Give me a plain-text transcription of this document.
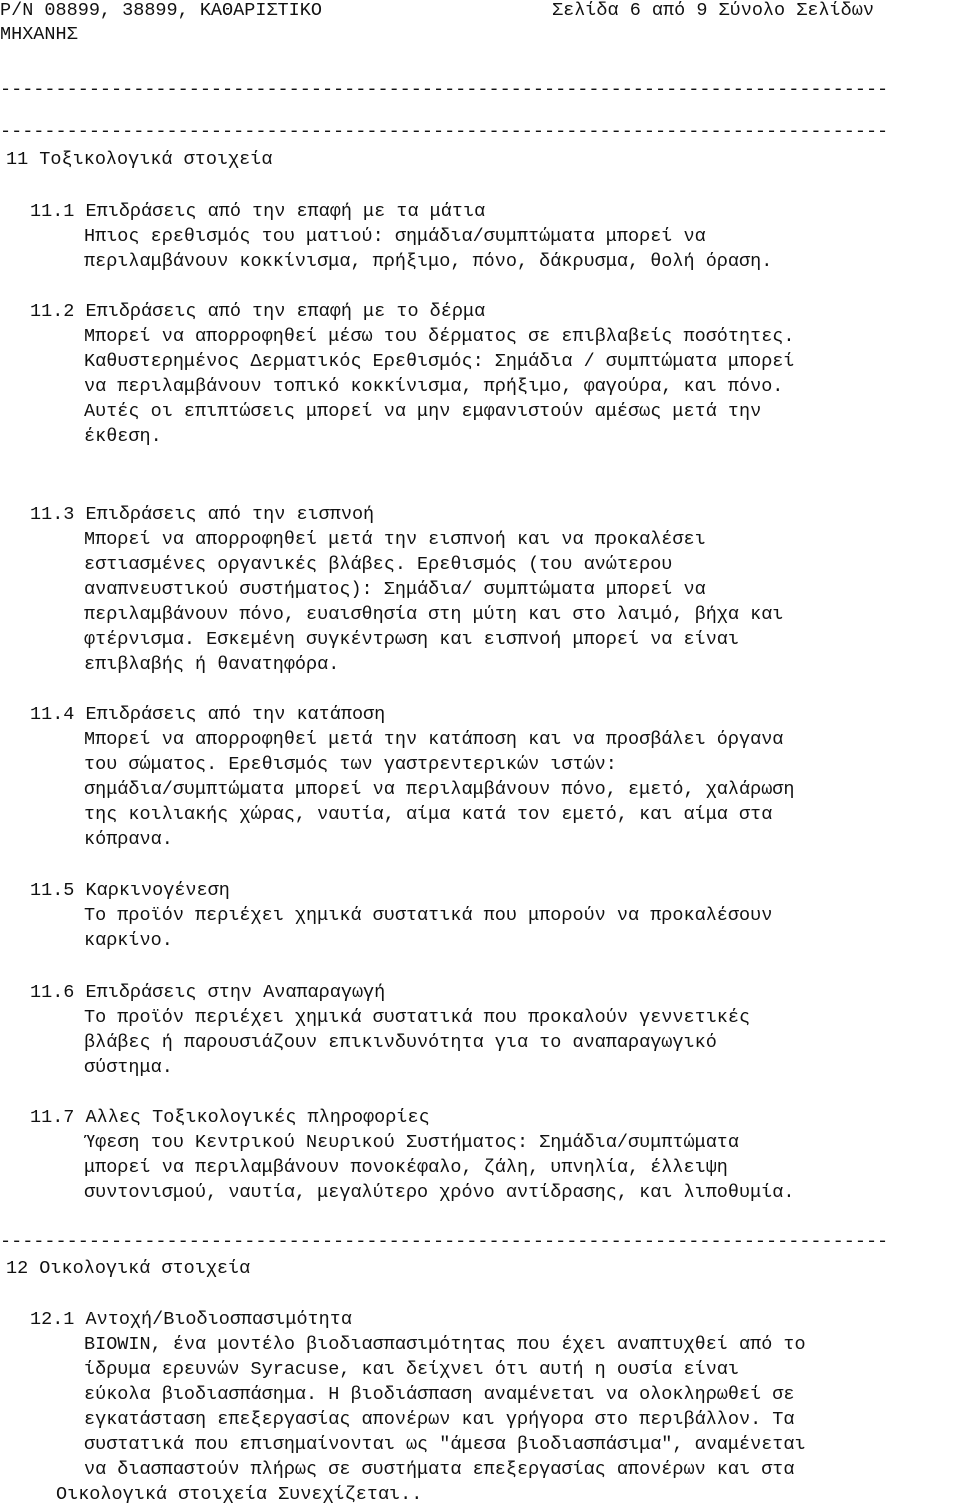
P/N 08899, 38899, ΚΑΘΑΡΙΣΤΙΚΟ	Σελίδα 6 από 9 Σύνολο Σελίδων
ΜΗΧΑΝΗΣ
--------------------------------------------------------------------------------
--------------------------------------------------------------------------------
11 Τοξικολογικά στοιχεία
11.1 Επιδράσεις από την επαφή με τα μάτια
Ηπιος ερεθισμός του ματιού: σημάδια/συμπτώματα μπορεί να
περιλαμβάνουν κοκκίνισμα, πρήξιμο, πόνο, δάκρυσμα, θολή όραση.
11.2 Επιδράσεις από την επαφή με το δέρμα
Μπορεί να απορροφηθεί μέσω του δέρματος σε επιβλαβείς ποσότητες.
Καθυστερημένος Δερματικός Ερεθισμός: Σημάδια / συμπτώματα μπορεί
να περιλαμβάνουν τοπικό κοκκίνισμα, πρήξιμο, φαγούρα, και πόνο.
Αυτές οι επιπτώσεις μπορεί να μην εμφανιστούν αμέσως μετά την
έκθεση.
11.3 Επιδράσεις από την εισπνοή
Μπορεί να απορροφηθεί μετά την εισπνοή και να προκαλέσει
εστιασμένες οργανικές βλάβες. Ερεθισμός (του ανώτερου
αναπνευστικού συστήματος): Σημάδια/ συμπτώματα μπορεί να
περιλαμβάνουν πόνο, ευαισθησία στη μύτη και στο λαιμό, βήχα και
φτέρνισμα. Εσκεμένη συγκέντρωση και εισπνοή μπορεί να είναι
επιβλαβής ή θανατηφόρα.
11.4 Επιδράσεις από την κατάποση
Μπορεί να απορροφηθεί μετά την κατάποση και να προσβάλει όργανα
του σώματος. Ερεθισμός των γαστρεντερικών ιστών:
σημάδια/συμπτώματα μπορεί να περιλαμβάνουν πόνο, εμετό, χαλάρωση
της κοιλιακής χώρας, ναυτία, αίμα κατά τον εμετό, και αίμα στα
κόπρανα.
11.5 Καρκινογένεση
Το προϊόν περιέχει χημικά συστατικά που μπορούν να προκαλέσουν
καρκίνο.
11.6 Επιδράσεις στην Αναπαραγωγή
Το προϊόν περιέχει χημικά συστατικά που προκαλούν γεννετικές
βλάβες ή παρουσιάζουν επικινδυνότητα για το αναπαραγωγικό
σύστημα.
11.7 Αλλες Τοξικολογικές πληροφορίες
Ύφεση του Κεντρικού Νευρικού Συστήματος: Σημάδια/συμπτώματα
μπορεί να περιλαμβάνουν πονοκέφαλο, ζάλη, υπνηλία, έλλειψη
συντονισμού, ναυτία, μεγαλύτερο χρόνο αντίδρασης, και λιποθυμία.
--------------------------------------------------------------------------------
12 Οικολογικά στοιχεία
12.1 Αντοχή/Βιοδιοσπασιμότητα
BIOWIN, ένα μοντέλο βιοδιασπασιμότητας που έχει αναπτυχθεί από το
ίδρυμα ερευνών Syracuse, και δείχνει ότι αυτή η ουσία είναι
εύκολα βιοδιασπάσημα. Η βιοδιάσπαση αναμένεται να ολοκληρωθεί σε
εγκατάσταση επεξεργασίας απονέρων και γρήγορα στο περιβάλλον. Τα
συστατικά που επισημαίνονται ως "άμεσα βιοδιασπάσιμα", αναμένεται
να διασπαστούν πλήρως σε συστήματα επεξεργασίας απονέρων και στα
Οικολογικά στοιχεία Συνεχίζεται..
